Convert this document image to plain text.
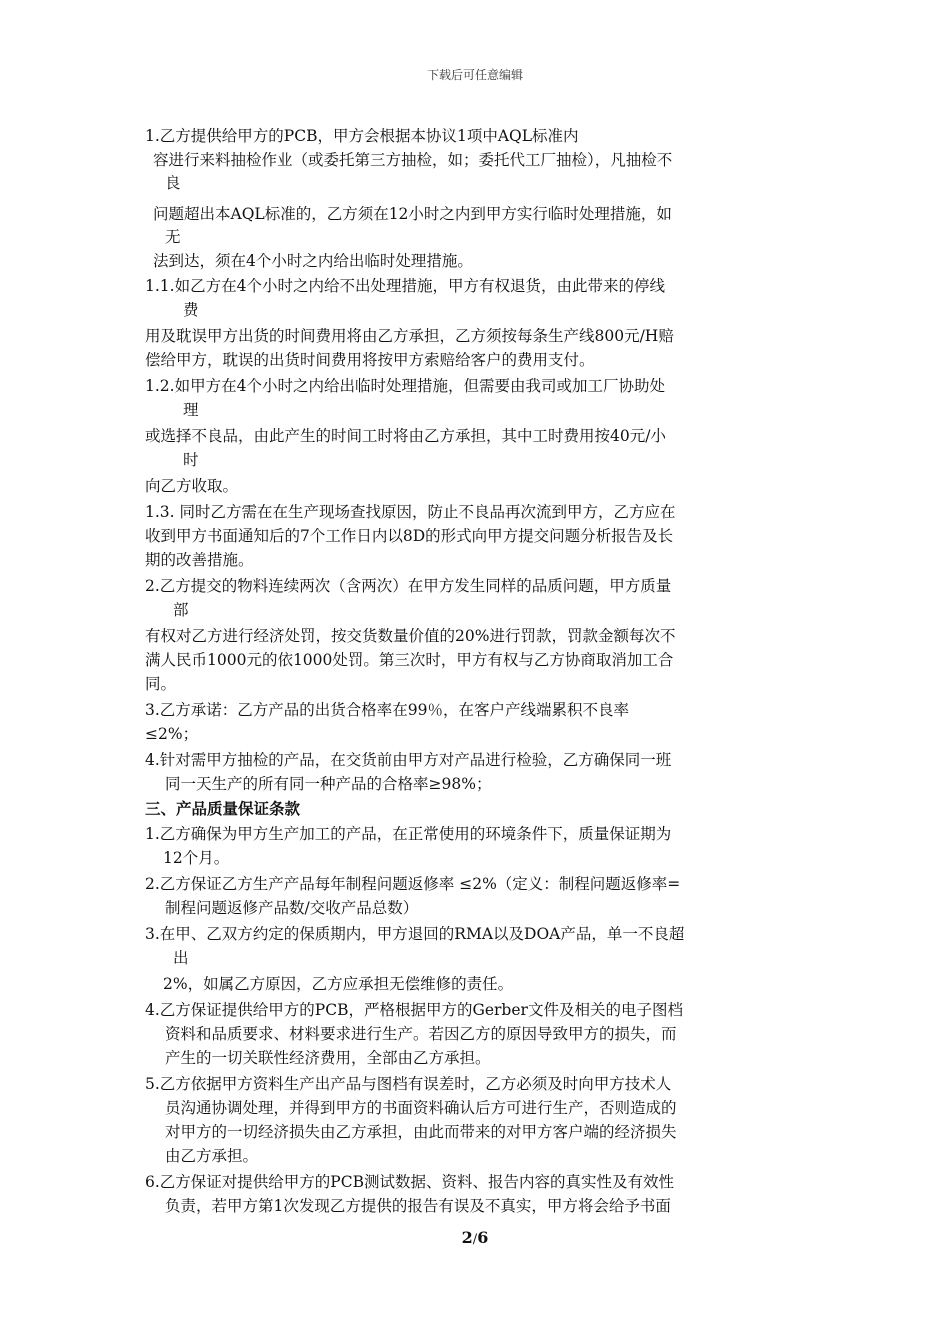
下载后可任意编辑
1.乙方提供给甲方的PCB，甲方会根据本协议1项中AQL标准内
容进行来料抽检作业（或委托第三方抽检，如；委托代工厂抽检），凡抽检不
良
问题超出本AQL标准的，乙方须在12小时之内到甲方实行临时处理措施，如
无
法到达，须在4个小时之内给出临时处理措施。
1.1.如乙方在4个小时之内给不出处理措施，甲方有权退货，由此带来的停线
费
用及耽误甲方出货的时间费用将由乙方承担，乙方须按每条生产线800元/H赔
偿给甲方，耽误的出货时间费用将按甲方索赔给客户的费用支付。
1.2.如甲方在4个小时之内给出临时处理措施，但需要由我司或加工厂协助处
理
或选择不良品，由此产生的时间工时将由乙方承担，其中工时费用按40元/小
时
向乙方收取。
1.3. 同时乙方需在在生产现场查找原因，防止不良品再次流到甲方，乙方应在
收到甲方书面通知后的7个工作日内以8D的形式向甲方提交问题分析报告及长
期的改善措施。
2.乙方提交的物料连续两次（含两次）在甲方发生同样的品质问题，甲方质量
部
有权对乙方进行经济处罚，按交货数量价值的20%进行罚款，罚款金额每次不
满人民币1000元的依1000处罚。第三次时，甲方有权与乙方协商取消加工合
同。
3.乙方承诺：乙方产品的出货合格率在99％，在客户产线端累积不良率
≤2%；
4.针对需甲方抽检的产品，在交货前由甲方对产品进行检验，乙方确保同一班
同一天生产的所有同一种产品的合格率≥98%；
三、产品质量保证条款
1.乙方确保为甲方生产加工的产品，在正常使用的环境条件下，质量保证期为
12个月。
2.乙方保证乙方生产产品每年制程问题返修率 ≤2%（定义：制程问题返修率=
制程问题返修产品数/交收产品总数）
3.在甲、乙双方约定的保质期内，甲方退回的RMA以及DOA产品，单一不良超
出
2%，如属乙方原因，乙方应承担无偿维修的责任。
4.乙方保证提供给甲方的PCB，严格根据甲方的Gerber文件及相关的电子图档
资料和品质要求、材料要求进行生产。若因乙方的原因导致甲方的损失，而
产生的一切关联性经济费用，全部由乙方承担。
5.乙方依据甲方资料生产出产品与图档有误差时，乙方必须及时向甲方技术人
员沟通协调处理，并得到甲方的书面资料确认后方可进行生产，否则造成的
对甲方的一切经济损失由乙方承担，由此而带来的对甲方客户端的经济损失
由乙方承担。
6.乙方保证对提供给甲方的PCB测试数据、资料、报告内容的真实性及有效性
负责，若甲方第1次发现乙方提供的报告有误及不真实，甲方将会给予书面
2/6
